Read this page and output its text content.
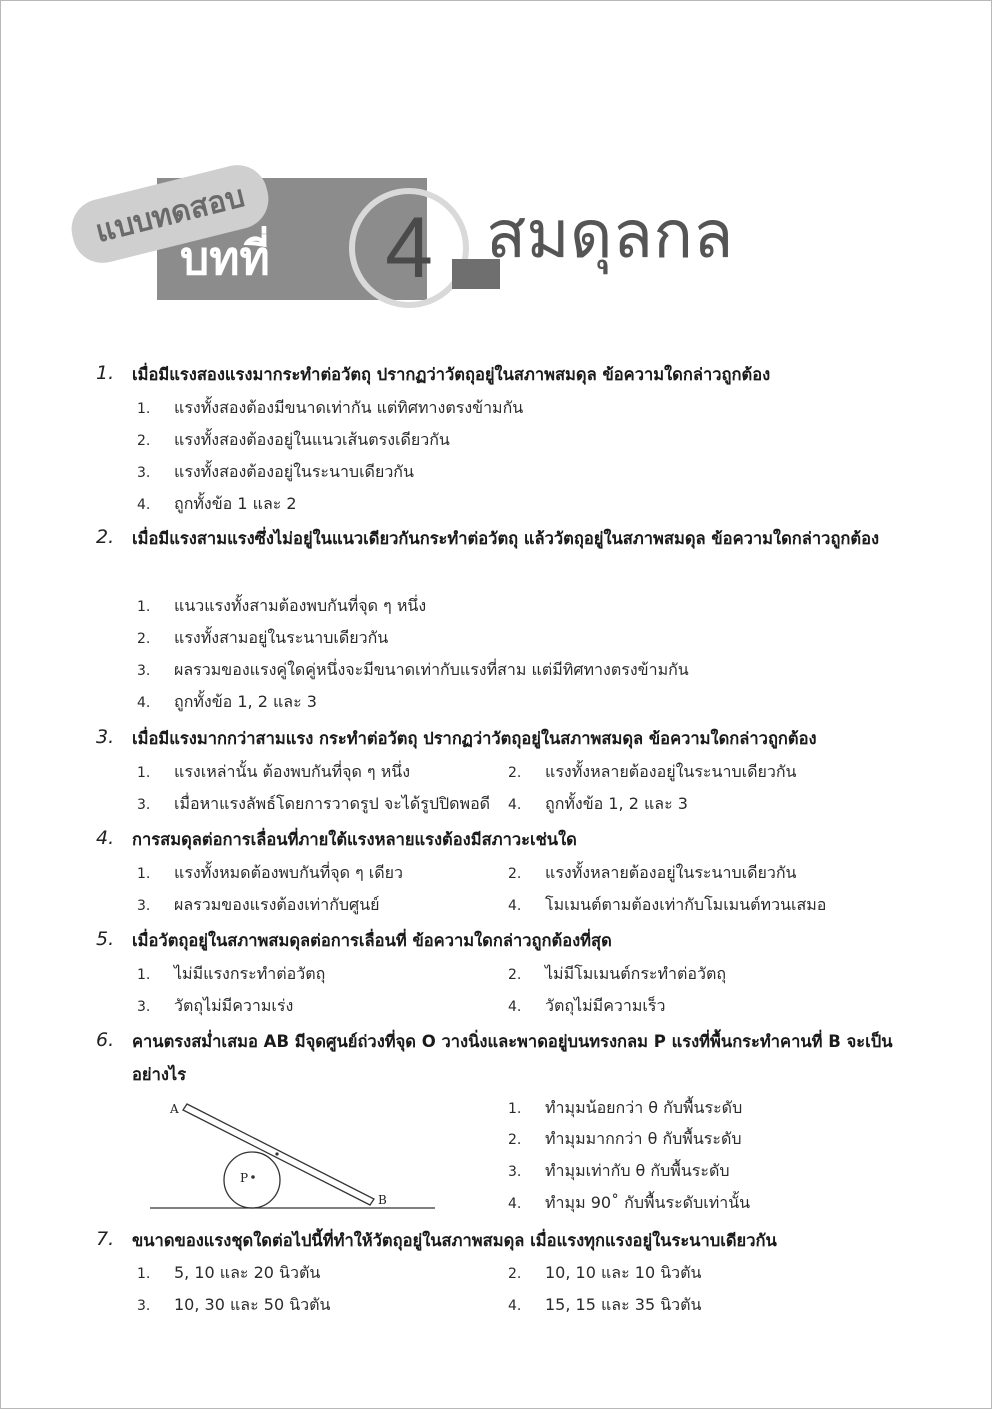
บทที่
แบบทดสอบ	4 สมดุลกล
1. เมื่อมีแรงสองแรงมากระทำต่อวัตถุ ปรากฏว่าวัตถุอยู่ในสภาพสมดุล ข้อความใดกล่าวถูกต้อง
1. แรงทั้งสองต้องมีขนาดเท่ากัน แต่ทิศทางตรงข้ามกัน
2. แรงทั้งสองต้องอยู่ในแนวเส้นตรงเดียวกัน
3. แรงทั้งสองต้องอยู่ในระนาบเดียวกัน
4. ถูกทั้งข้อ 1 และ 2
2. เมื่อมีแรงสามแรงซึ่งไม่อยู่ในแนวเดียวกันกระทำต่อวัตถุ แล้ววัตถุอยู่ในสภาพสมดุล ข้อความใดกล่าวถูกต้อง
1. แนวแรงทั้งสามต้องพบกันที่จุด ๆ หนึ่ง
2. แรงทั้งสามอยู่ในระนาบเดียวกัน
3. ผลรวมของแรงคู่ใดคู่หนึ่งจะมีขนาดเท่ากับแรงที่สาม แต่มีทิศทางตรงข้ามกัน
4. ถูกทั้งข้อ 1, 2 และ 3
3. เมื่อมีแรงมากกว่าสามแรง กระทำต่อวัตถุ ปรากฏว่าวัตถุอยู่ในสภาพสมดุล ข้อความใดกล่าวถูกต้อง
1. แรงเหล่านั้น ต้องพบกันที่จุด ๆ หนึ่ง	2. แรงทั้งหลายต้องอยู่ในระนาบเดียวกัน
3. เมื่อหาแรงลัพธ์โดยการวาดรูป จะได้รูปปิดพอดี 4. ถูกทั้งข้อ 1, 2 และ 3
4. การสมดุลต่อการเลื่อนที่ภายใต้แรงหลายแรงต้องมีสภาวะเช่นใด
1. แรงทั้งหมดต้องพบกันที่จุด ๆ เดียว	2. แรงทั้งหลายต้องอยู่ในระนาบเดียวกัน
3. ผลรวมของแรงต้องเท่ากับศูนย์	4. โมเมนต์ตามต้องเท่ากับโมเมนต์ทวนเสมอ
5. เมื่อวัตถุอยู่ในสภาพสมดุลต่อการเลื่อนที่ ข้อความใดกล่าวถูกต้องที่สุด
1. ไม่มีแรงกระทำต่อวัตถุ	2. ไม่มีโมเมนต์กระทำต่อวัตถุ
3. วัตถุไม่มีความเร่ง	4. วัตถุไม่มีความเร็ว
6. คานตรงสม่ำเสมอ AB มีจุดศูนย์ถ่วงที่จุด O วางนิ่งและพาดอยู่บนทรงกลม P แรงที่พื้นกระทำคานที่ B จะเป็นอย่างไร
A
B
P
1. ทำมุมน้อยกว่า θ กับพื้นระดับ
2. ทำมุมมากกว่า θ กับพื้นระดับ
3. ทำมุมเท่ากับ θ กับพื้นระดับ
4. ทำมุม 90˚ กับพื้นระดับเท่านั้น
7. ขนาดของแรงชุดใดต่อไปนี้ที่ทำให้วัตถุอยู่ในสภาพสมดุล เมื่อแรงทุกแรงอยู่ในระนาบเดียวกัน
1. 5, 10 และ 20 นิวตัน	2. 10, 10 และ 10 นิวตัน
3. 10, 30 และ 50 นิวตัน	4. 15, 15 และ 35 นิวตัน
